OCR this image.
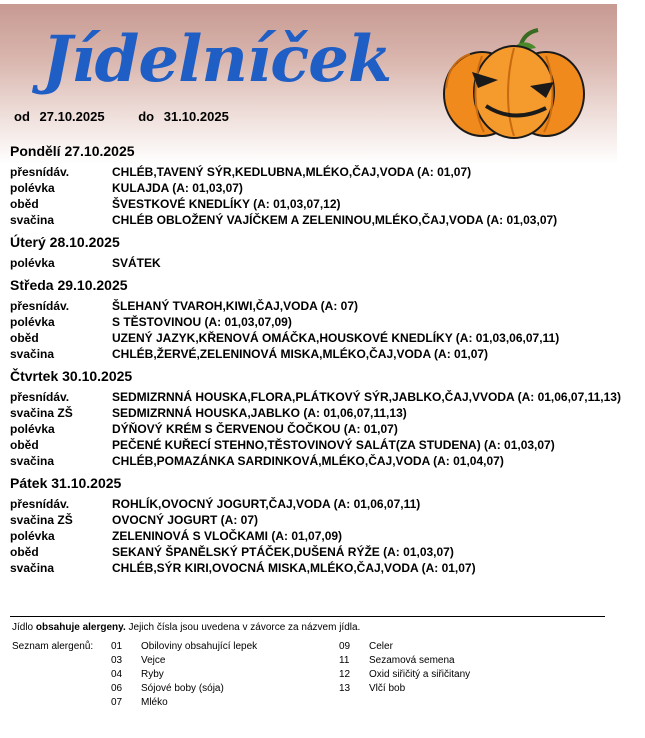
Jídelníček
od 27.10.2025	do 31.10.2025
Pondělí 27.10.2025
přesnídáv.	CHLÉB,TAVENÝ SÝR,KEDLUBNA,MLÉKO,ČAJ,VODA (A: 01,07)
polévka	KULAJDA (A: 01,03,07)
oběd	ŠVESTKOVÉ KNEDLÍKY (A: 01,03,07,12)
svačina	CHLÉB OBLOŽENÝ VAJÍČKEM A ZELENINOU,MLÉKO,ČAJ,VODA (A: 01,03,07)
Úterý 28.10.2025
polévka	SVÁTEK
Středa 29.10.2025
přesnídáv.	ŠLEHANÝ TVAROH,KIWI,ČAJ,VODA (A: 07)
polévka	S TĚSTOVINOU (A: 01,03,07,09)
oběd	UZENÝ JAZYK,KŘENOVÁ OMÁČKA,HOUSKOVÉ KNEDLÍKY (A: 01,03,06,07,11)
svačina	CHLÉB,ŽERVÉ,ZELENINOVÁ MISKA,MLÉKO,ČAJ,VODA (A: 01,07)
Čtvrtek 30.10.2025
přesnídáv.	SEDMIZRNNÁ HOUSKA,FLORA,PLÁTKOVÝ SÝR,JABLKO,ČAJ,VVODA (A: 01,06,07,11,13)
svačina ZŠ	SEDMIZRNNÁ HOUSKA,JABLKO (A: 01,06,07,11,13)
polévka	DÝŇOVÝ KRÉM S ČERVENOU ČOČKOU (A: 01,07)
oběd	PEČENÉ KUŘECÍ STEHNO,TĚSTOVINOVÝ SALÁT(ZA STUDENA) (A: 01,03,07)
svačina	CHLÉB,POMAZÁNKA SARDINKOVÁ,MLÉKO,ČAJ,VODA (A: 01,04,07)
Pátek 31.10.2025
přesnídáv.	ROHLÍK,OVOCNÝ JOGURT,ČAJ,VODA (A: 01,06,07,11)
svačina ZŠ	OVOCNÝ JOGURT (A: 07)
polévka	ZELENINOVÁ S VLOČKAMI (A: 01,07,09)
oběd	SEKANÝ ŠPANĚLSKÝ PTÁČEK,DUŠENÁ RÝŽE (A: 01,03,07)
svačina	CHLÉB,SÝR KIRI,OVOCNÁ MISKA,MLÉKO,ČAJ,VODA (A: 01,07)
Jídlo obsahuje alergeny. Jejich čísla jsou uvedena v závorce za názvem jídla.
Seznam alergenů: 01	Obiloviny obsahující lepek
03	Vejce
04	Ryby
06	Sójové boby (sója)
07	Mléko
09	Celer
11	Sezamová semena
12	Oxid siřičitý a siřičitany
13	Vlčí bob
